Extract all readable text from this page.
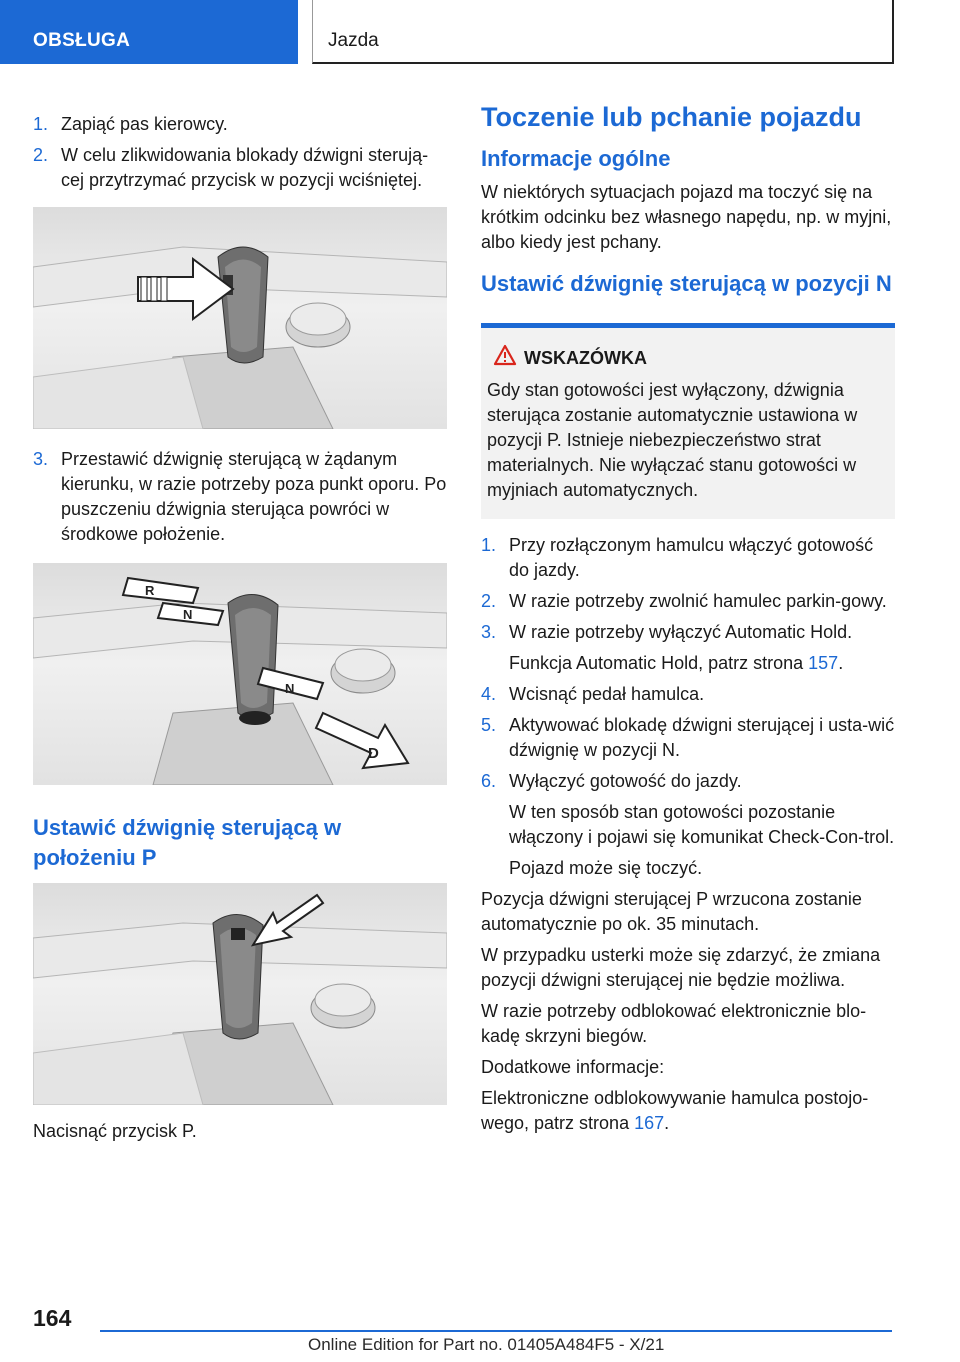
OBSŁUGA	Jazda
1. Zapiąć pas kierowcy.
2. W celu zlikwidowania blokady dźwigni sterują-cej przytrzymać przycisk w pozycji wciśniętej.
3. Przestawić dźwignię sterującą w żądanym kierunku, w razie potrzeby poza punkt oporu. Po puszczeniu dźwignia sterująca powróci w środkowe położenie.
R
N
N
D
Ustawić dźwignię sterującą w położeniu P
Nacisnąć przycisk P.
Toczenie lub pchanie pojazdu
Informacje ogólne
W niektórych sytuacjach pojazd ma toczyć się na krótkim odcinku bez własnego napędu, np. w myjni, albo kiedy jest pchany.
Ustawić dźwignię sterującą w pozycji N
WSKAZÓWKA
Gdy stan gotowości jest wyłączony, dźwignia sterująca zostanie automatycznie ustawiona w pozycji P. Istnieje niebezpieczeństwo strat materialnych. Nie wyłączać stanu gotowości w myjniach automatycznych.
1. Przy rozłączonym hamulcu włączyć gotowość do jazdy.
2. W razie potrzeby zwolnić hamulec parkin-gowy.
3. W razie potrzeby wyłączyć Automatic Hold.
Funkcja Automatic Hold, patrz strona 157.
4. Wcisnąć pedał hamulca.
5. Aktywować blokadę dźwigni sterującej i usta-wić dźwignię w pozycji N.
6. Wyłączyć gotowość do jazdy.
W ten sposób stan gotowości pozostanie włączony i pojawi się komunikat Check-Con-trol.
Pojazd może się toczyć.
Pozycja dźwigni sterującej P wrzucona zostanie automatycznie po ok. 35 minutach.
W przypadku usterki może się zdarzyć, że zmiana pozycji dźwigni sterującej nie będzie możliwa.
W razie potrzeby odblokować elektronicznie blo-kadę skrzyni biegów.
Dodatkowe informacje:
Elektroniczne odblokowywanie hamulca postojo-wego, patrz strona 167.
164
Online Edition for Part no. 01405A484F5 - X/21
